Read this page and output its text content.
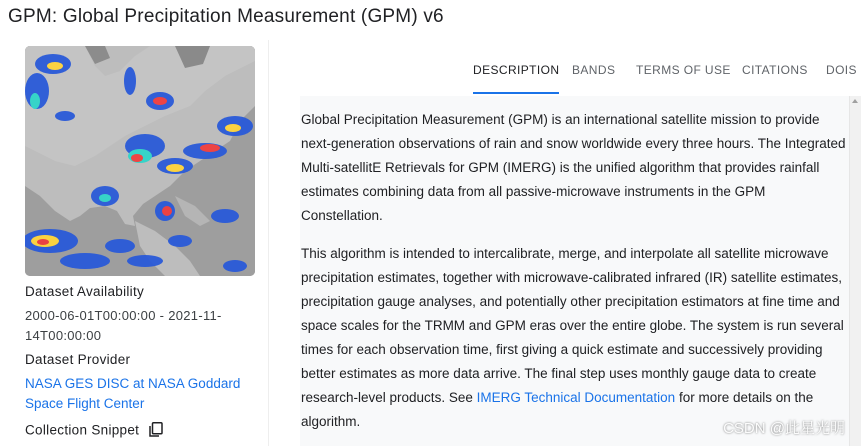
GPM: Global Precipitation Measurement (GPM) v6
Dataset Availability
2000-06-01T00:00:00 - 2021-11-14T00:00:00
Dataset Provider
NASA GES DISC at NASA Goddard Space Flight Center
Collection Snippet
DESCRIPTION BANDS TERMS OF USE CITATIONS DOIS

Global Precipitation Measurement (GPM) is an international satellite mission to provide next-generation observations of rain and snow worldwide every three hours. The Integrated Multi-satellitE Retrievals for GPM (IMERG) is the unified algorithm that provides rainfall estimates combining data from all passive-microwave instruments in the GPM Constellation.

This algorithm is intended to intercalibrate, merge, and interpolate all satellite microwave precipitation estimates, together with microwave-calibrated infrared (IR) satellite estimates, precipitation gauge analyses, and potentially other precipitation estimators at fine time and space scales for the TRMM and GPM eras over the entire globe. The system is run several times for each observation time, first giving a quick estimate and successively providing better estimates as more data arrive. The final step uses monthly gauge data to create research-level products. See IMERG Technical Documentation for more details on the algorithm.	CSDN @此星光明
